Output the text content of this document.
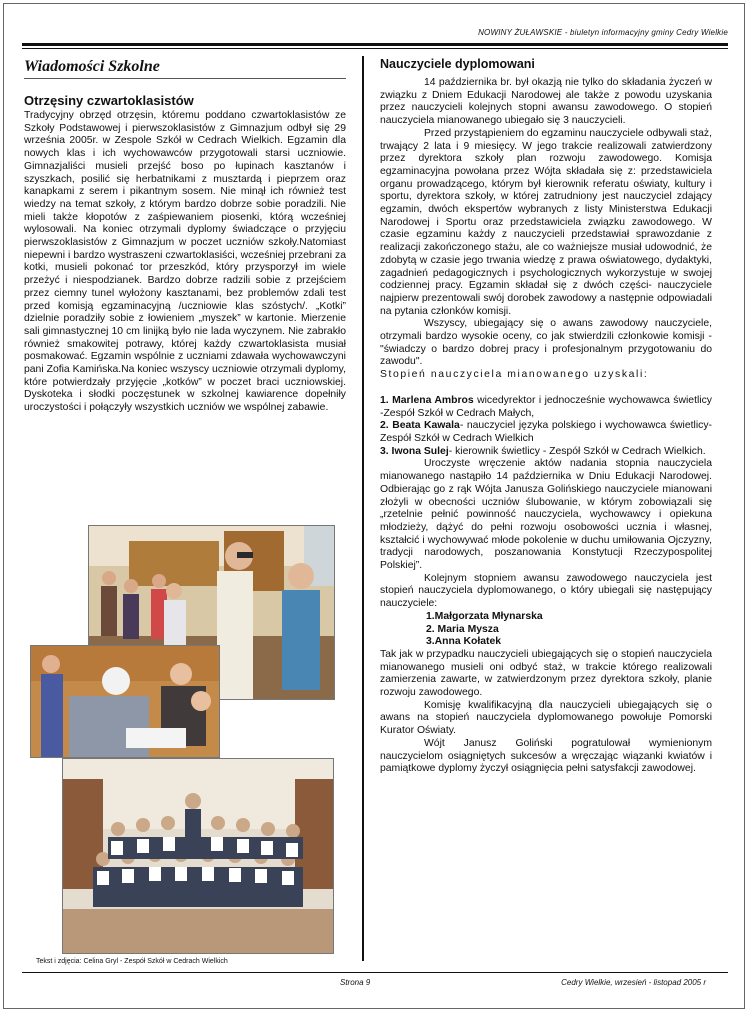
NOWINY ŻUŁAWSKIE - biuletyn informacyjny gminy Cedry Wielkie
Wiadomości Szkolne
Otrzęsiny czwartoklasistów

Tradycyjny obrzęd otrzęsin, któremu poddano czwartoklasistów ze Szkoły Podstawowej i pierwszoklasistów z Gimnazjum odbył się 29 września 2005r. w Zespole Szkół w Cedrach Wielkich. Egzamin dla nowych klas i ich wychowawców przygotowali starsi uczniowie. Gimnazjaliści musieli przejść boso po łupinach kasztanów i szyszkach, posilić się herbatnikami z musztardą i pieprzem oraz kanapkami z serem i pikantnym sosem. Nie minął ich również test wiedzy na temat szkoły, z którym bardzo dobrze sobie poradzili. Nie mieli także kłopotów z zaśpiewaniem piosenki, którą wcześniej wylosowali. Na koniec otrzymali dyplomy świadczące o przyjęciu pierwszoklasistów z Gimnazjum w poczet uczniów szkoły.Natomiast niepewni i bardzo wystraszeni czwartoklasiści, wcześniej przebrani za kotki, musieli pokonać tor przeszkód, który przysporzył im wiele przeżyć i niespodzianek. Bardzo dobrze radzili sobie z przejściem przez ciemny tunel wyłożony kasztanami, bez problemów zdali test przed komisją egzaminacyjną /uczniowie klas szóstych/. „Kotki” dzielnie poradziły sobie z łowieniem „myszek” w kartonie. Mierzenie sali gimnastycznej 10 cm linijką było nie lada wyczynem. Nie zabrakło również smakowitej potrawy, której każdy czwartoklasista musiał posmakować. Egzamin wspólnie z uczniami zdawała wychowawczyni pani Zofia Kamińska.Na koniec wszyscy uczniowie otrzymali dyplomy, które potwierdzały przyjęcie „kotków” w poczet braci uczniowskiej. Dyskoteka i słodki poczęstunek w szkolnej kawiarence dopełniły uroczystości i połączyły wszystkich uczniów we wspólnej zabawie.

Nauczyciele dyplomowani

14 października br. był okazją nie tylko do składania życzeń w związku z Dniem Edukacji Narodowej ale także z powodu uzyskania przez nauczycieli kolejnych stopni awansu zawodowego. O stopień nauczyciela mianowanego ubiegało się 3 nauczycieli.

Przed przystąpieniem do egzaminu nauczyciele odbywali staż, trwający 2 lata i 9 miesięcy. W jego trakcie realizowali zatwierdzony przez dyrektora szkoły plan rozwoju zawodowego. Komisja egzaminacyjna powołana przez Wójta składała się z: przedstawiciela organu prowadzącego, którym był kierownik referatu oświaty, kultury i sportu, dyrektora szkoły, w której zatrudniony jest nauczyciel zdający egzamin, dwóch ekspertów wybranych z listy Ministerstwa Edukacji Narodowej i Sportu oraz przedstawiciela związku zawodowego. W czasie egzaminu każdy z nauczycieli przedstawiał sprawozdanie z realizacji zakończonego stażu, ale co ważniejsze musiał udowodnić, że zdobytą w czasie jego trwania wiedzę z prawa oświatowego, dydaktyki, zagadnień pedagogicznych i psychologicznych wykorzystuje w swojej codziennej pracy. Egzamin składał się z dwóch części- nauczyciele najpierw prezentowali swój dorobek zawodowy a następnie odpowiadali na pytania członków komisji.

Wszyscy, ubiegający się o awans zawodowy nauczyciele, otrzymali bardzo wysokie oceny, co jak stwierdzili członkowie komisji - "świadczy o bardzo dobrej pracy i profesjonalnym przygotowaniu do zawodu".

Stopień nauczyciela mianowanego uzyskali:

1. Marlena Ambros wicedyrektor i jednocześnie wychowawca świetlicy -Zespół Szkół w Cedrach Małych,

2. Beata Kawala- nauczyciel języka polskiego i wychowawca świetlicy- Zespół Szkół w Cedrach Wielkich

3. Iwona Sulej- kierownik świetlicy - Zespół Szkół w Cedrach Wielkich.

Uroczyste wręczenie aktów nadania stopnia nauczyciela mianowanego nastąpiło 14 października w Dniu Edukacji Narodowej. Odbierając go z rąk Wójta Janusza Golińskiego nauczyciele mianowani złożyli w obecności uczniów ślubowanie, w którym zobowiązali się „rzetelnie pełnić powinność nauczyciela, wychowawcy i opiekuna młodzieży, dążyć do pełni rozwoju osobowości ucznia i własnej, kształcić i wychowywać młode pokolenie w duchu umiłowania Ojczyzny, tradycji narodowych, poszanowania Konstytucji Rzeczypospolitej Polskiej”.

Kolejnym stopniem awansu zawodowego nauczyciela jest stopień nauczyciela dyplomowanego, o który ubiegali się następujący nauczyciele:

1.Małgorzata Młynarska
2. Maria Mysza
3.Anna Kołatek

Tak jak w przypadku nauczycieli ubiegających się o stopień nauczyciela mianowanego musieli oni odbyć staż, w trakcie którego realizowali zamierzenia zawarte, w zatwierdzonym przez dyrektora szkoły, planie rozwoju zawodowego.

Komisję kwalifikacyjną dla nauczycieli ubiegających się o awans na stopień nauczyciela dyplomowanego powołuje Pomorski Kurator Oświaty.

Wójt Janusz Goliński pogratulował wymienionym nauczycielom osiągniętych sukcesów a wręczając wiązanki kwiatów i pamiątkowe dyplomy życzył osiągnięcia pełni satysfakcji zawodowej.

Tekst i zdjęcia: Celina Gryl - Zespół Szkół w Cedrach Wielkich
Strona 9	Cedry Wielkie, wrzesień - listopad 2005 r
